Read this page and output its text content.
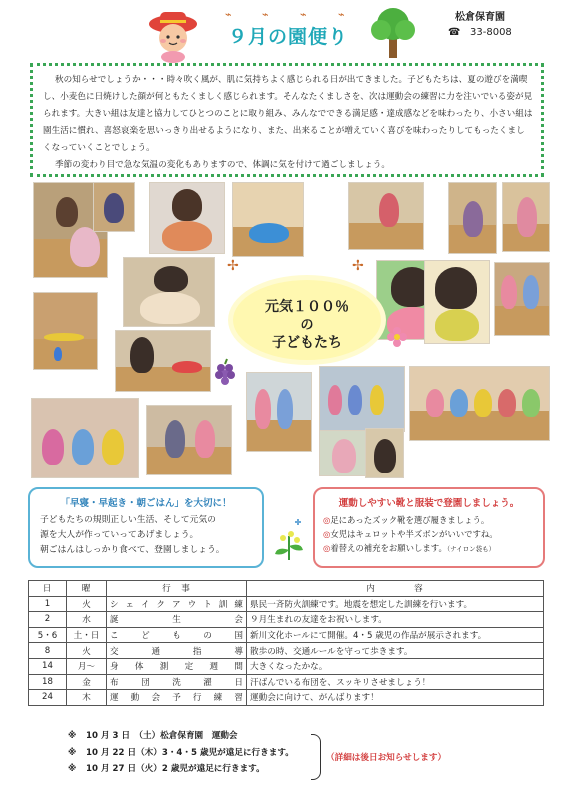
⌁	⌁	⌁	⌁
９月の園便り
松倉保育園
☎ 33-8008

秋の知らせでしょうか・・・時々吹く風が、肌に気持ちよく感じられる日が出てきました。子どもたちは、夏の遊びを満喫し、小麦色に日焼けした顔が何ともたくましく感じられます。そんなたくましさを、次は運動会の練習に力を注いでいる姿が見られます。大きい組は友達と協力してひとつのことに取り組み、みんなでできる満足感・達成感などを味わったり、小さい組は園生活に慣れ、喜怒哀楽を思いっきり出せるようになり、また、出来ることが増えていく喜びを味わったりしてもったくましくなっていくことでしょう。

季節の変わり目で急な気温の変化もありますので、体調に気を付けて過ごしましょう。

✢	✢
元気１００％
の
子どもたち
「早寝・早起き・朝ごはん」を大切に！
子どもたちの規則正しい生活、そして元気の
源を大人が作っていってあげましょう。
朝ごはんはしっかり食べて、登園しましょう。
運動しやすい靴と服装で登園しましょう。
◎足にあったズック靴を選び履きましょう。
◎女児はキュロットや半ズボンがいいですね。
◎着替えの補充をお願いします。（ナイロン袋も）
日	曜	行　事	内　　　　容
1	火	シェイクアウト訓練	県民一斉防火訓練です。地震を想定した訓練を行います。
2	水	誕生会	９月生まれの友達をお祝いします。
5・6	土・日	こどもの国	新川文化ホールにて開催。4・5 歳児の作品が展示されます。
8	火	交通指導	散歩の時、交通ルールを守って歩きます。
14	月～	身体測定週間	大きくなったかな。
18	金	布団洗濯日	汗ばんでいる布団を、スッキリさせましょう！
24	木	運動会予行練習	運動会に向けて、がんばります！
※ 10 月 3 日　（土）松倉保育園　運動会
※ 10 月 22 日（木）3・4・5 歳児が遠足に行きます。
※ 10 月 27 日（火）2 歳児が遠足に行きます。
（詳細は後日お知らせします）
